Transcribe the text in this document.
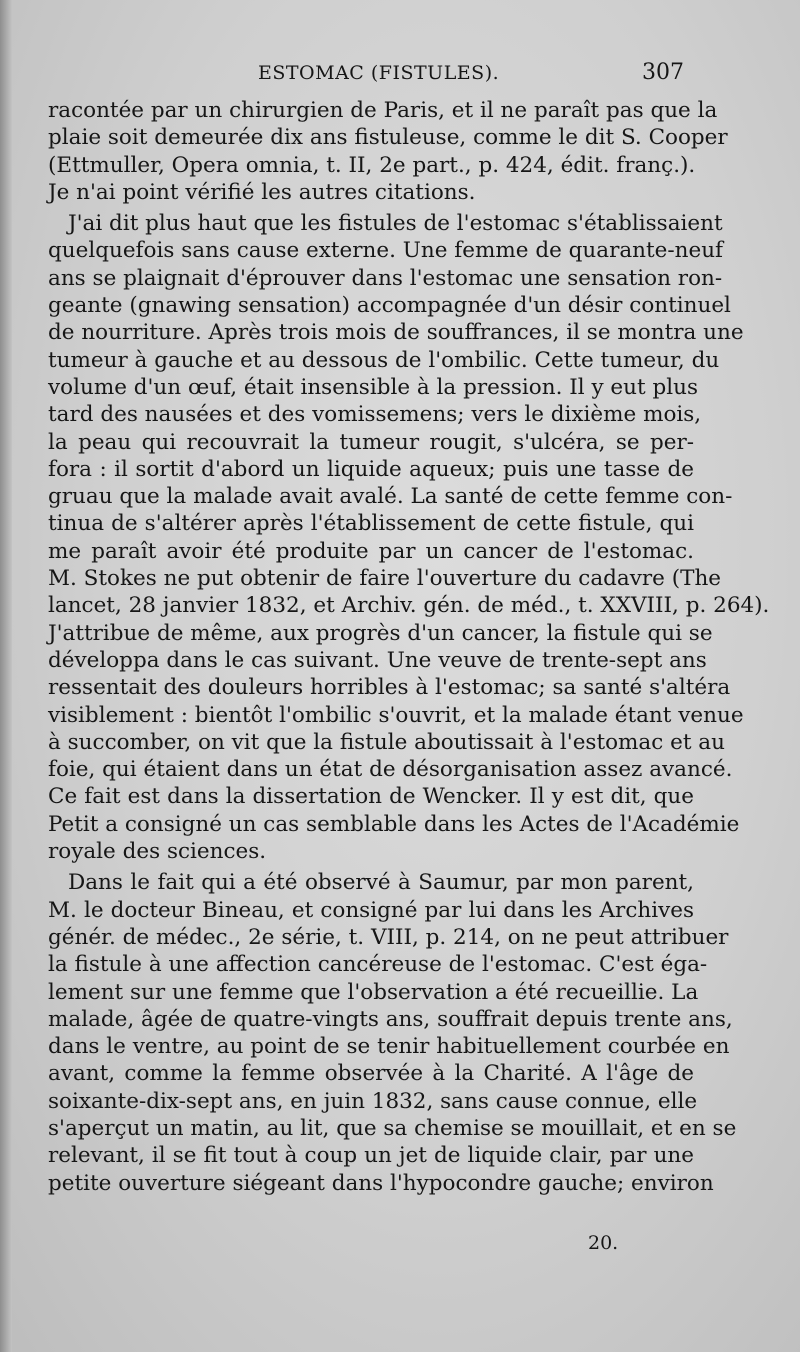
ESTOMAC (FISTULES).	307
racontée par un chirurgien de Paris, et il ne paraît pas que la
plaie soit demeurée dix ans fistuleuse, comme le dit S. Cooper
(Ettmuller, Opera omnia, t. II, 2e part., p. 424, édit. franç.).
Je n'ai point vérifié les autres citations.
J'ai dit plus haut que les fistules de l'estomac s'établissaient
quelquefois sans cause externe. Une femme de quarante-neuf
ans se plaignait d'éprouver dans l'estomac une sensation ron-
geante (gnawing sensation) accompagnée d'un désir continuel
de nourriture. Après trois mois de souffrances, il se montra une
tumeur à gauche et au dessous de l'ombilic. Cette tumeur, du
volume d'un œuf, était insensible à la pression. Il y eut plus
tard des nausées et des vomissemens; vers le dixième mois,
la peau qui recouvrait la tumeur rougit, s'ulcéra, se per-
fora : il sortit d'abord un liquide aqueux; puis une tasse de
gruau que la malade avait avalé. La santé de cette femme con-
tinua de s'altérer après l'établissement de cette fistule, qui
me paraît avoir été produite par un cancer de l'estomac.
M. Stokes ne put obtenir de faire l'ouverture du cadavre (The
lancet, 28 janvier 1832, et Archiv. gén. de méd., t. XXVIII, p. 264).
J'attribue de même, aux progrès d'un cancer, la fistule qui se
développa dans le cas suivant. Une veuve de trente-sept ans
ressentait des douleurs horribles à l'estomac; sa santé s'altéra
visiblement : bientôt l'ombilic s'ouvrit, et la malade étant venue
à succomber, on vit que la fistule aboutissait à l'estomac et au
foie, qui étaient dans un état de désorganisation assez avancé.
Ce fait est dans la dissertation de Wencker. Il y est dit, que
Petit a consigné un cas semblable dans les Actes de l'Académie
royale des sciences.
Dans le fait qui a été observé à Saumur, par mon parent,
M. le docteur Bineau, et consigné par lui dans les Archives
génér. de médec., 2e série, t. VIII, p. 214, on ne peut attribuer
la fistule à une affection cancéreuse de l'estomac. C'est éga-
lement sur une femme que l'observation a été recueillie. La
malade, âgée de quatre-vingts ans, souffrait depuis trente ans,
dans le ventre, au point de se tenir habituellement courbée en
avant, comme la femme observée à la Charité. A l'âge de
soixante-dix-sept ans, en juin 1832, sans cause connue, elle
s'aperçut un matin, au lit, que sa chemise se mouillait, et en se
relevant, il se fit tout à coup un jet de liquide clair, par une
petite ouverture siégeant dans l'hypocondre gauche; environ
20.
